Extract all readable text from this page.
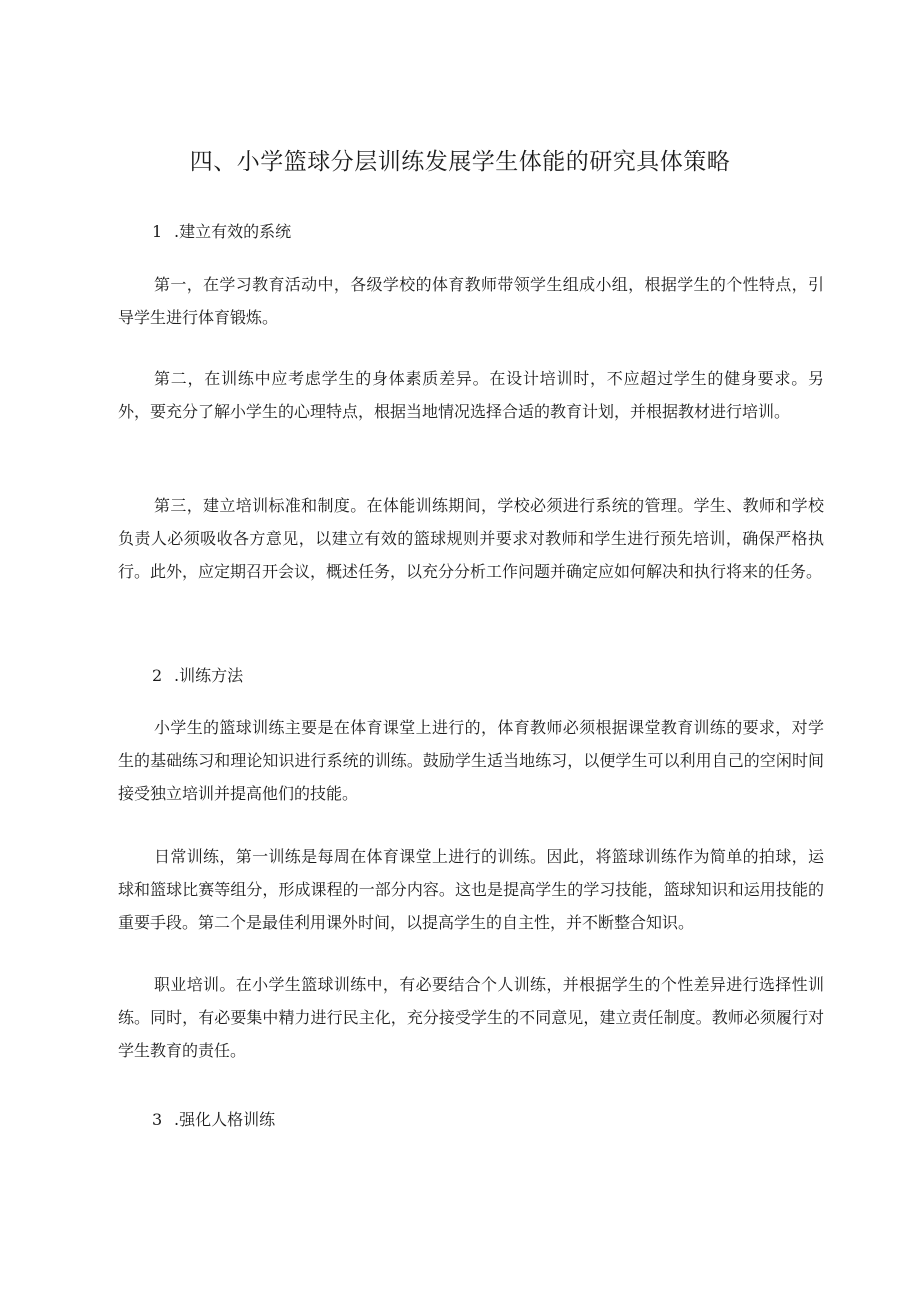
四、小学篮球分层训练发展学生体能的研究具体策略
1 .建立有效的系统
第一，在学习教育活动中，各级学校的体育教师带领学生组成小组，根据学生的个性特点，引导学生进行体育锻炼。
第二，在训练中应考虑学生的身体素质差异。在设计培训时，不应超过学生的健身要求。另外，要充分了解小学生的心理特点，根据当地情况选择合适的教育计划，并根据教材进行培训。
第三，建立培训标准和制度。在体能训练期间，学校必须进行系统的管理。学生、教师和学校负责人必须吸收各方意见，以建立有效的篮球规则并要求对教师和学生进行预先培训，确保严格执行。此外，应定期召开会议，概述任务，以充分分析工作问题并确定应如何解决和执行将来的任务。
2 .训练方法
小学生的篮球训练主要是在体育课堂上进行的，体育教师必须根据课堂教育训练的要求，对学生的基础练习和理论知识进行系统的训练。鼓励学生适当地练习，以便学生可以利用自己的空闲时间接受独立培训并提高他们的技能。
日常训练，第一训练是每周在体育课堂上进行的训练。因此，将篮球训练作为简单的拍球，运球和篮球比赛等组分，形成课程的一部分内容。这也是提高学生的学习技能，篮球知识和运用技能的重要手段。第二个是最佳利用课外时间，以提高学生的自主性，并不断整合知识。
职业培训。在小学生篮球训练中，有必要结合个人训练，并根据学生的个性差异进行选择性训练。同时，有必要集中精力进行民主化，充分接受学生的不同意见，建立责任制度。教师必须履行对学生教育的责任。
3 .强化人格训练
